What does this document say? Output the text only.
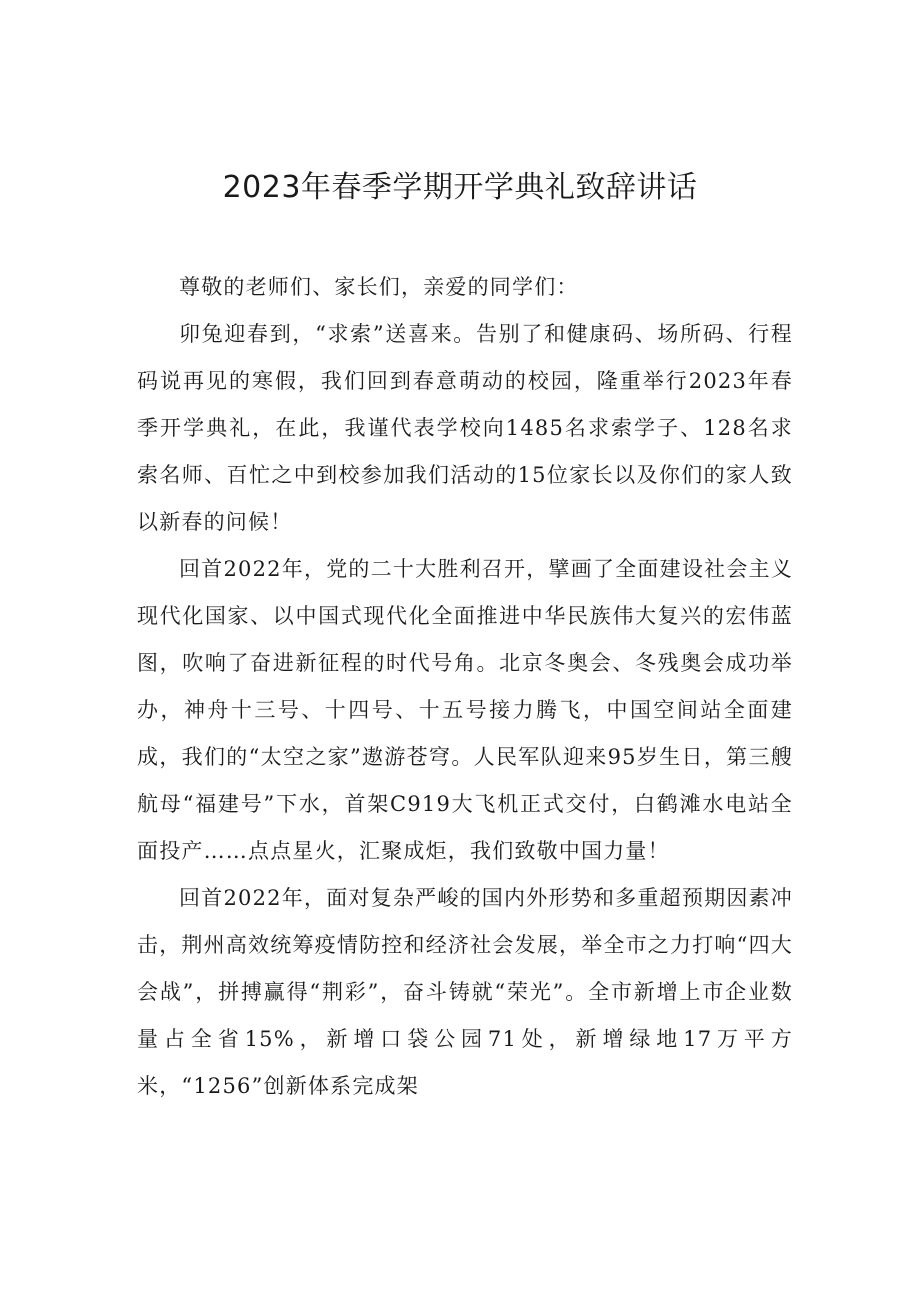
2023年春季学期开学典礼致辞讲话

尊敬的老师们、家长们，亲爱的同学们：

卯兔迎春到，“求索”送喜来。告别了和健康码、场所码、行程码说再见的寒假，我们回到春意萌动的校园，隆重举行2023年春季开学典礼，在此，我谨代表学校向1485名求索学子、128名求索名师、百忙之中到校参加我们活动的15位家长以及你们的家人致以新春的问候！

回首2022年，党的二十大胜利召开，擘画了全面建设社会主义现代化国家、以中国式现代化全面推进中华民族伟大复兴的宏伟蓝图，吹响了奋进新征程的时代号角。北京冬奥会、冬残奥会成功举办，神舟十三号、十四号、十五号接力腾飞，中国空间站全面建成，我们的“太空之家”遨游苍穹。人民军队迎来95岁生日，第三艘航母“福建号”下水，首架C919大飞机正式交付，白鹤滩水电站全面投产……点点星火，汇聚成炬，我们致敬中国力量！

回首2022年，面对复杂严峻的国内外形势和多重超预期因素冲击，荆州高效统筹疫情防控和经济社会发展，举全市之力打响“四大会战”，拼搏赢得“荆彩”，奋斗铸就“荣光”。全市新增上市企业数量占全省15%，新增口袋公园71处，新增绿地17万平方米，“1256”创新体系完成架
